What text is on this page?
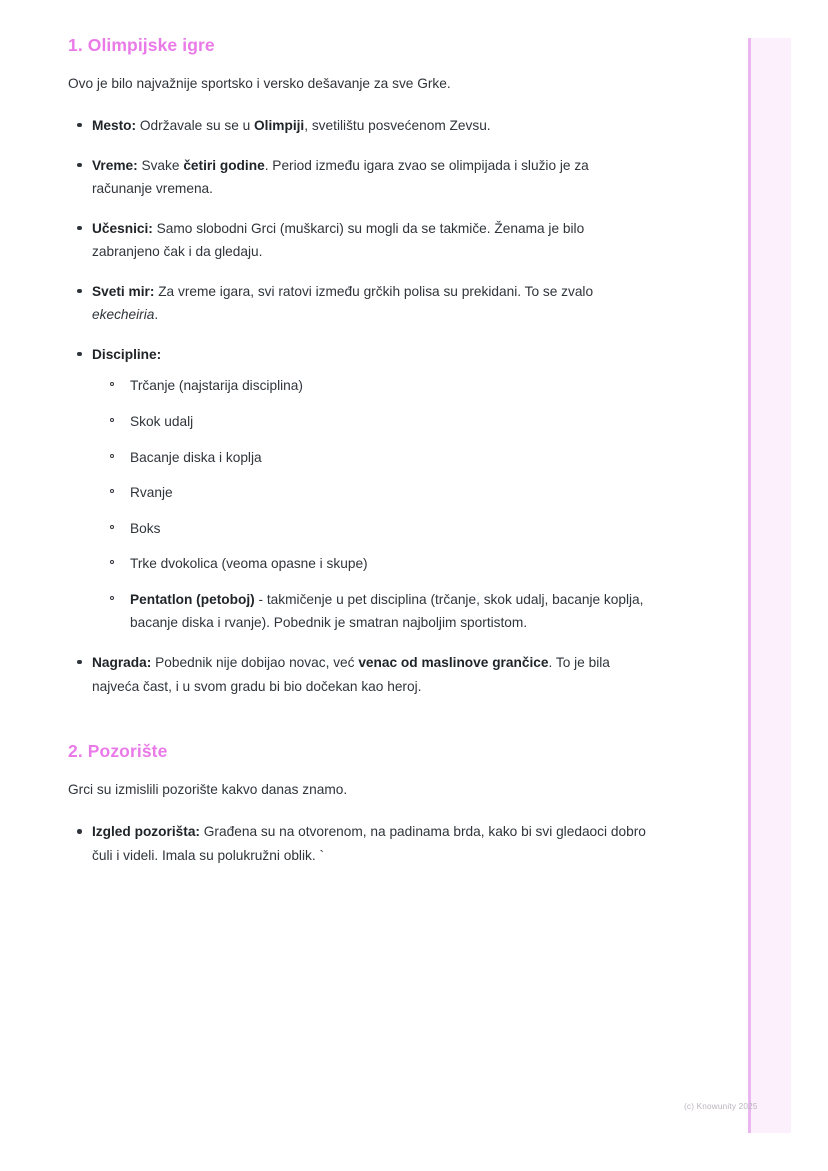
1. Olimpijske igre

Ovo je bilo najvažnije sportsko i versko dešavanje za sve Grke.

Mesto: Održavale su se u Olimpiji, svetilištu posvećenom Zevsu.
Vreme: Svake četiri godine. Period između igara zvao se olimpijada i služio je za računanje vremena.
Učesnici: Samo slobodni Grci (muškarci) su mogli da se takmiče. Ženama je bilo zabranjeno čak i da gledaju.
Sveti mir: Za vreme igara, svi ratovi između grčkih polisa su prekidani. To se zvalo ekecheiria.
Discipline:
Trčanje (najstarija disciplina)
Skok udalj
Bacanje diska i koplja
Rvanje
Boks
Trke dvokolica (veoma opasne i skupe)
Pentatlon (petoboj) - takmičenje u pet disciplina (trčanje, skok udalj, bacanje koplja, bacanje diska i rvanje). Pobednik je smatran najboljim sportistom.
Nagrada: Pobednik nije dobijao novac, već venac od maslinove grančice. To je bila najveća čast, i u svom gradu bi bio dočekan kao heroj.
2. Pozorište

Grci su izmislili pozorište kakvo danas znamo.

Izgled pozorišta: Građena su na otvorenom, na padinama brda, kako bi svi gledaoci dobro čuli i videli. Imala su polukružni oblik. `
(c) Knowunity 2025
